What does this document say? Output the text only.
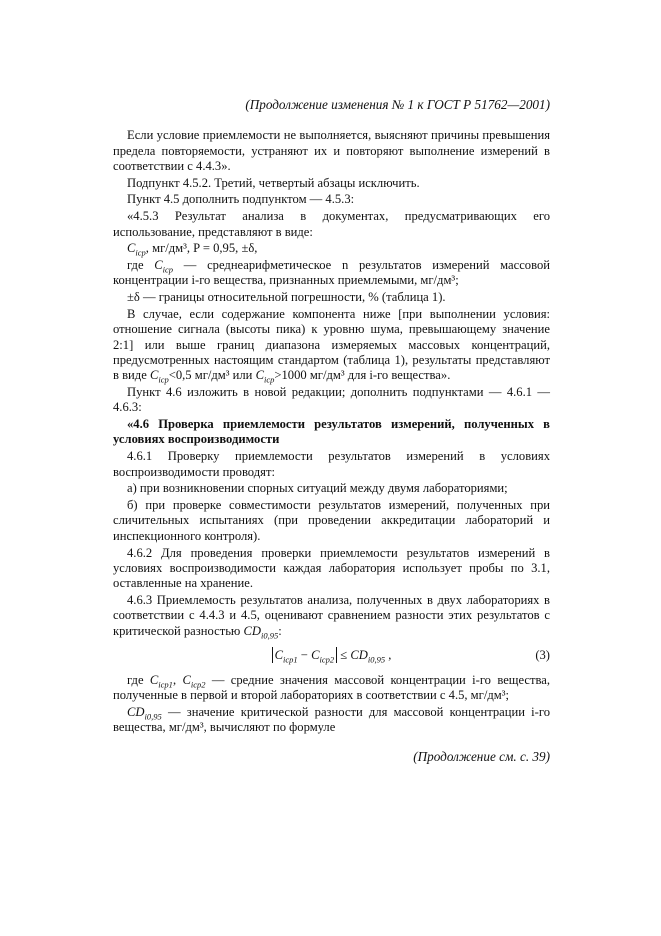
(Продолжение изменения № 1 к ГОСТ Р 51762—2001)

Если условие приемлемости не выполняется, выясняют причины превышения предела повторяемости, устраняют их и повторяют выполнение измерений в соответствии с 4.4.3».

Подпункт 4.5.2. Третий, четвертый абзацы исключить.

Пункт 4.5 дополнить подпунктом — 4.5.3:

«4.5.3 Результат анализа в документах, предусматривающих его использование, представляют в виде:

$C_{icp}$, мг/дм³, P = 0,95, ±δ,

где $C_{icp}$ — среднеарифметическое n результатов измерений массовой концентрации i-го вещества, признанных приемлемыми, мг/дм³;

±δ — границы относительной погрешности, % (таблица 1).

В случае, если содержание компонента ниже [при выполнении условия: отношение сигнала (высоты пика) к уровню шума, превышающему значение 2:1] или выше границ диапазона измеряемых массовых концентраций, предусмотренных настоящим стандартом (таблица 1), результаты представляют в виде $C_{icp}<0,5$ мг/дм³ или $C_{icp}>1000$ мг/дм³ для i-го вещества».

Пункт 4.6 изложить в новой редакции; дополнить подпунктами — 4.6.1 — 4.6.3:

«4.6 Проверка приемлемости результатов измерений, полученных в условиях воспроизводимости

4.6.1 Проверку приемлемости результатов измерений в условиях воспроизводимости проводят:

а) при возникновении спорных ситуаций между двумя лабораториями;

б) при проверке совместимости результатов измерений, полученных при сличительных испытаниях (при проведении аккредитации лабораторий и инспекционного контроля).

4.6.2 Для проведения проверки приемлемости результатов измерений в условиях воспроизводимости каждая лаборатория использует пробы по 3.1, оставленные на хранение.

4.6.3 Приемлемость результатов анализа, полученных в двух лабораториях в соответствии с 4.4.3 и 4.5, оценивают сравнением разности этих результатов с критической разностью $CD_{i0,95}$:

$C_{icp1} - C_{icp2} \le CD_{i0,95}$ ,	(3)

где $C_{icp1}$, $C_{icp2}$ — средние значения массовой концентрации i-го вещества, полученные в первой и второй лабораториях в соответствии с 4.5, мг/дм³;

$CD_{i0,95}$ — значение критической разности для массовой концентрации i-го вещества, мг/дм³, вычисляют по формуле

(Продолжение см. с. 39)
